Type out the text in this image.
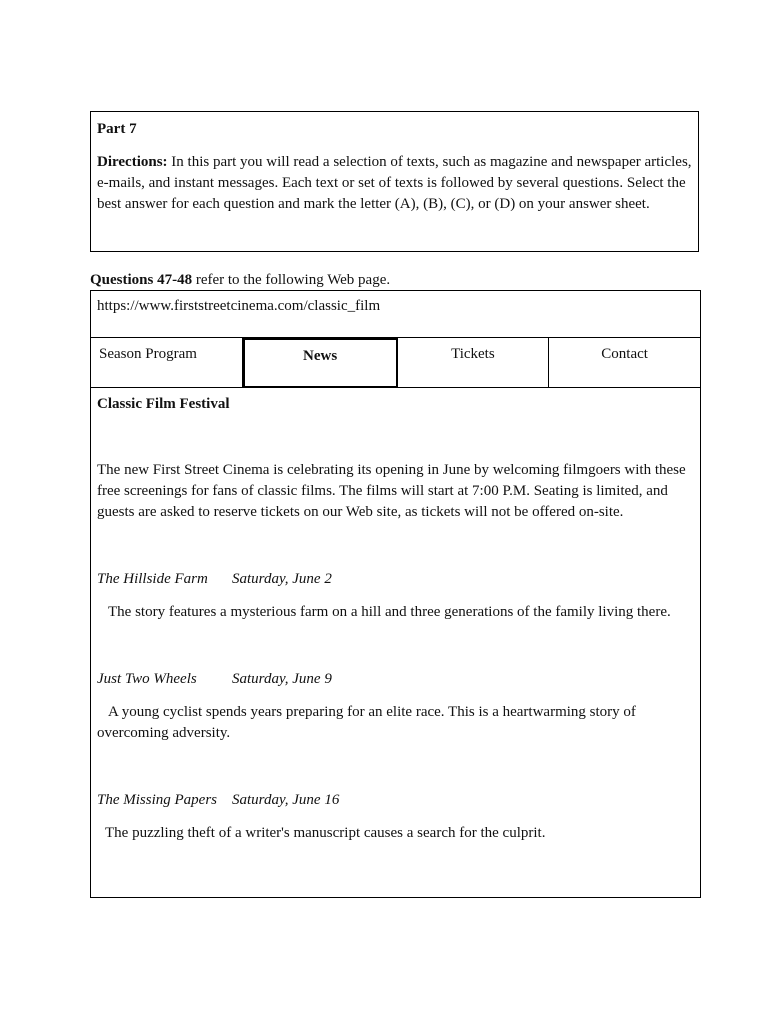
Part 7

Directions: In this part you will read a selection of texts, such as magazine and newspaper articles, e-mails, and instant messages. Each text or set of texts is followed by several questions. Select the best answer for each question and mark the letter (A), (B), (C), or (D) on your answer sheet.

Questions 47-48 refer to the following Web page.
https://www.firststreetcinema.com/classic_film
Season Program	News	Tickets	Contact
Classic Film Festival
The new First Street Cinema is celebrating its opening in June by welcoming filmgoers with these free screenings for fans of classic films. The films will start at 7:00 P.M. Seating is limited, and guests are asked to reserve tickets on our Web site, as tickets will not be offered on-site.
The Hillside Farm	Saturday, June 2
The story features a mysterious farm on a hill and three generations of the family living there.
Just Two Wheels	Saturday, June 9
A young cyclist spends years preparing for an elite race. This is a heartwarming story of overcoming adversity.
The Missing Papers	Saturday, June 16
The puzzling theft of a writer's manuscript causes a search for the culprit.
